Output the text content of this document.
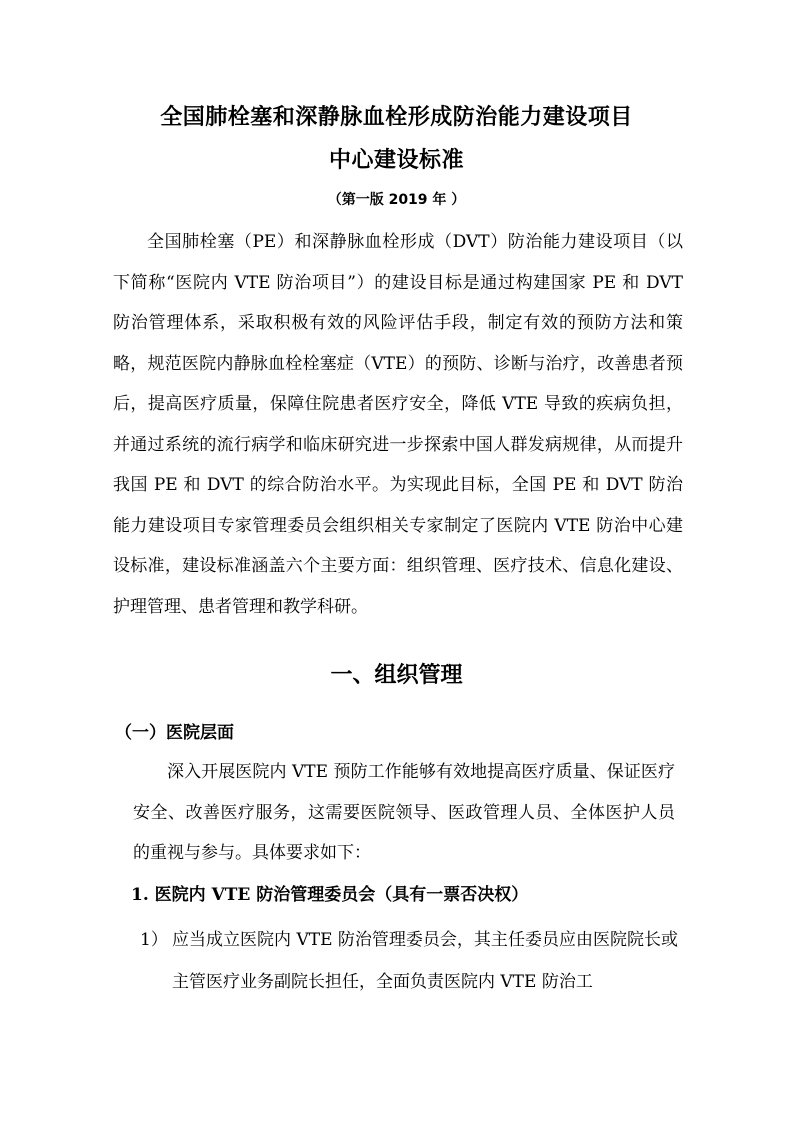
全国肺栓塞和深静脉血栓形成防治能力建设项目
中心建设标准
（第一版 2019 年 ）

全国肺栓塞（PE）和深静脉血栓形成（DVT）防治能力建设项目（以下简称“医院内 VTE 防治项目”）的建设目标是通过构建国家 PE 和 DVT 防治管理体系，采取积极有效的风险评估手段，制定有效的预防方法和策略，规范医院内静脉血栓栓塞症（VTE）的预防、诊断与治疗，改善患者预后，提高医疗质量，保障住院患者医疗安全，降低 VTE 导致的疾病负担，并通过系统的流行病学和临床研究进一步探索中国人群发病规律，从而提升我国 PE 和 DVT 的综合防治水平。为实现此目标，全国 PE 和 DVT 防治能力建设项目专家管理委员会组织相关专家制定了医院内 VTE 防治中心建设标准，建设标准涵盖六个主要方面：组织管理、医疗技术、信息化建设、护理管理、患者管理和教学科研。

一、组织管理
（一）医院层面

深入开展医院内 VTE 预防工作能够有效地提高医疗质量、保证医疗安全、改善医疗服务，这需要医院领导、医政管理人员、全体医护人员的重视与参与。具体要求如下：

1. 医院内 VTE 防治管理委员会（具有一票否决权）
1） 应当成立医院内 VTE 防治管理委员会，其主任委员应由医院院长或主管医疗业务副院长担任，全面负责医院内 VTE 防治工
